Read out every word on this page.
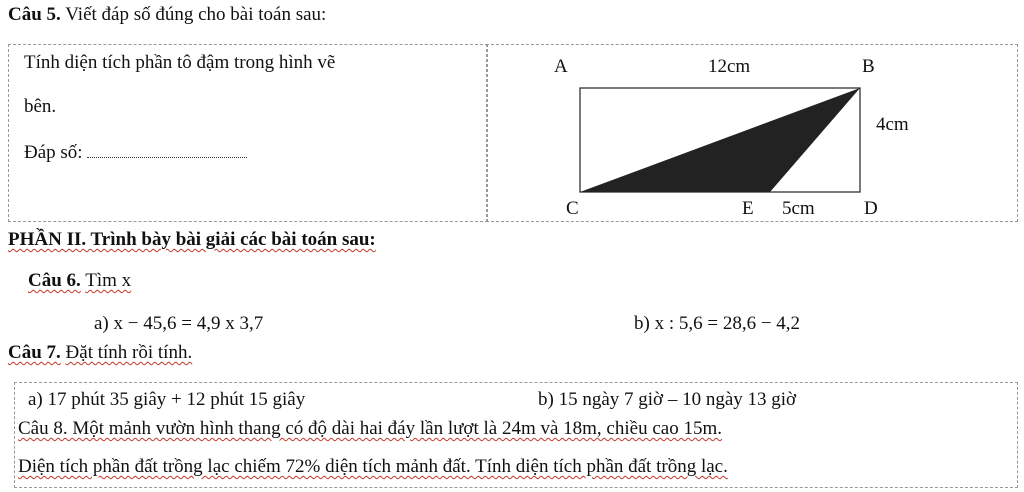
Câu 5. Viết đáp số đúng cho bài toán sau:
Tính diện tích phần tô đậm trong hình vẽ
bên.
Đáp số:
A	12cm	B
4cm
C	E 5cm	D
PHẦN II. Trình bày bài giải các bài toán sau:
Câu 6. Tìm x
a) x − 45,6 = 4,9 x 3,7	b) x : 5,6 = 28,6 − 4,2
Câu 7. Đặt tính rồi tính.
a) 17 phút 35 giây + 12 phút 15 giây	b) 15 ngày 7 giờ – 10 ngày 13 giờ
Câu 8. Một mảnh vườn hình thang có độ dài hai đáy lần lượt là 24m và 18m, chiều cao 15m.
Diện tích phần đất trồng lạc chiếm 72% diện tích mảnh đất. Tính diện tích phần đất trồng lạc.
